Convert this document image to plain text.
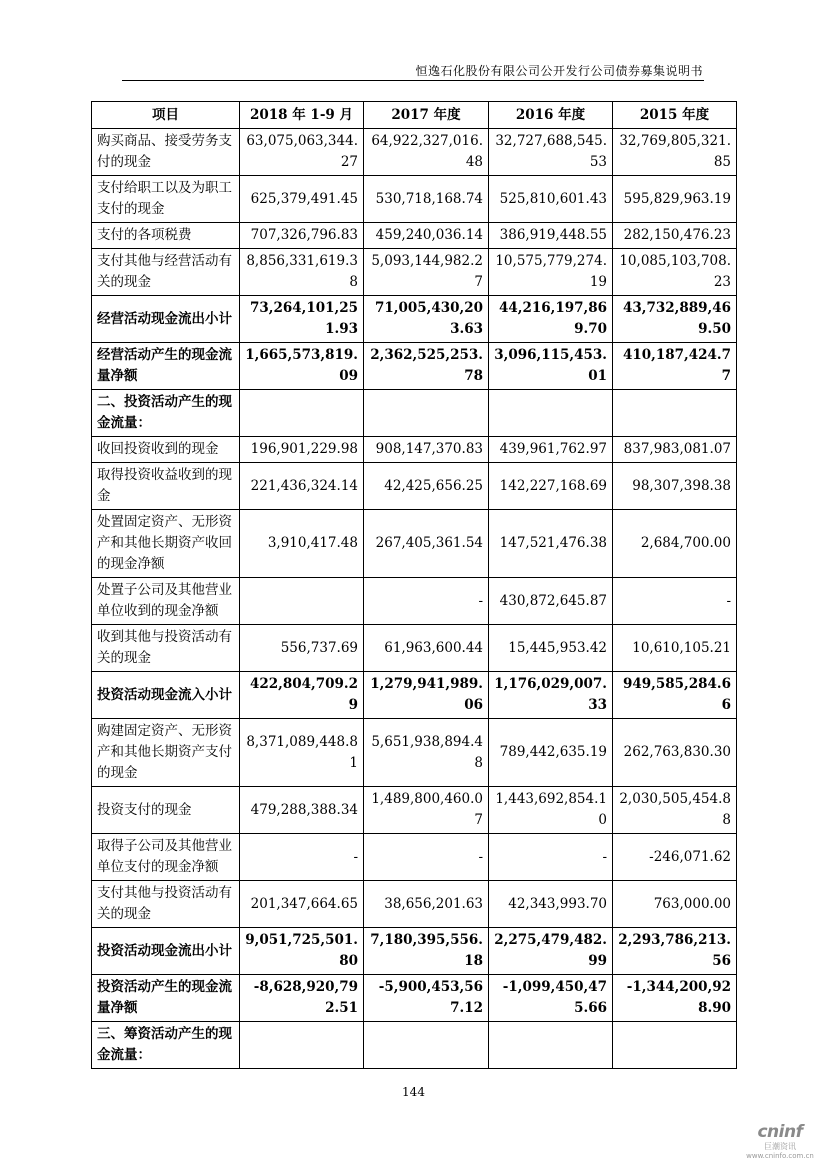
恒逸石化股份有限公司公开发行公司债券募集说明书
项目	2018 年 1-9 月	2017 年度	2016 年度	2015 年度
购买商品、接受劳务支付的现金	63,075,063,344.27	64,922,327,016.48	32,727,688,545.53	32,769,805,321.85
支付给职工以及为职工支付的现金	625,379,491.45	530,718,168.74	525,810,601.43	595,829,963.19
支付的各项税费	707,326,796.83	459,240,036.14	386,919,448.55	282,150,476.23
支付其他与经营活动有关的现金	8,856,331,619.38	5,093,144,982.27	10,575,779,274.19	10,085,103,708.23
经营活动现金流出小计	73,264,101,251.93	71,005,430,203.63	44,216,197,869.70	43,732,889,469.50
经营活动产生的现金流量净额	1,665,573,819.09	2,362,525,253.78	3,096,115,453.01	410,187,424.77
二、投资活动产生的现金流量：				
收回投资收到的现金	196,901,229.98	908,147,370.83	439,961,762.97	837,983,081.07
取得投资收益收到的现金	221,436,324.14	42,425,656.25	142,227,168.69	98,307,398.38
处置固定资产、无形资产和其他长期资产收回的现金净额	3,910,417.48	267,405,361.54	147,521,476.38	2,684,700.00
处置子公司及其他营业单位收到的现金净额		-	430,872,645.87	-
收到其他与投资活动有关的现金	556,737.69	61,963,600.44	15,445,953.42	10,610,105.21
投资活动现金流入小计	422,804,709.29	1,279,941,989.06	1,176,029,007.33	949,585,284.66
购建固定资产、无形资产和其他长期资产支付的现金	8,371,089,448.81	5,651,938,894.48	789,442,635.19	262,763,830.30
投资支付的现金	479,288,388.34	1,489,800,460.07	1,443,692,854.10	2,030,505,454.88
取得子公司及其他营业单位支付的现金净额	-	-	-	-246,071.62
支付其他与投资活动有关的现金	201,347,664.65	38,656,201.63	42,343,993.70	763,000.00
投资活动现金流出小计	9,051,725,501.80	7,180,395,556.18	2,275,479,482.99	2,293,786,213.56
投资活动产生的现金流量净额	-8,628,920,792.51	-5,900,453,567.12	-1,099,450,475.66	-1,344,200,928.90
三、筹资活动产生的现金流量：				
144
cninf
巨潮资讯
www.cninfo.com.cn
